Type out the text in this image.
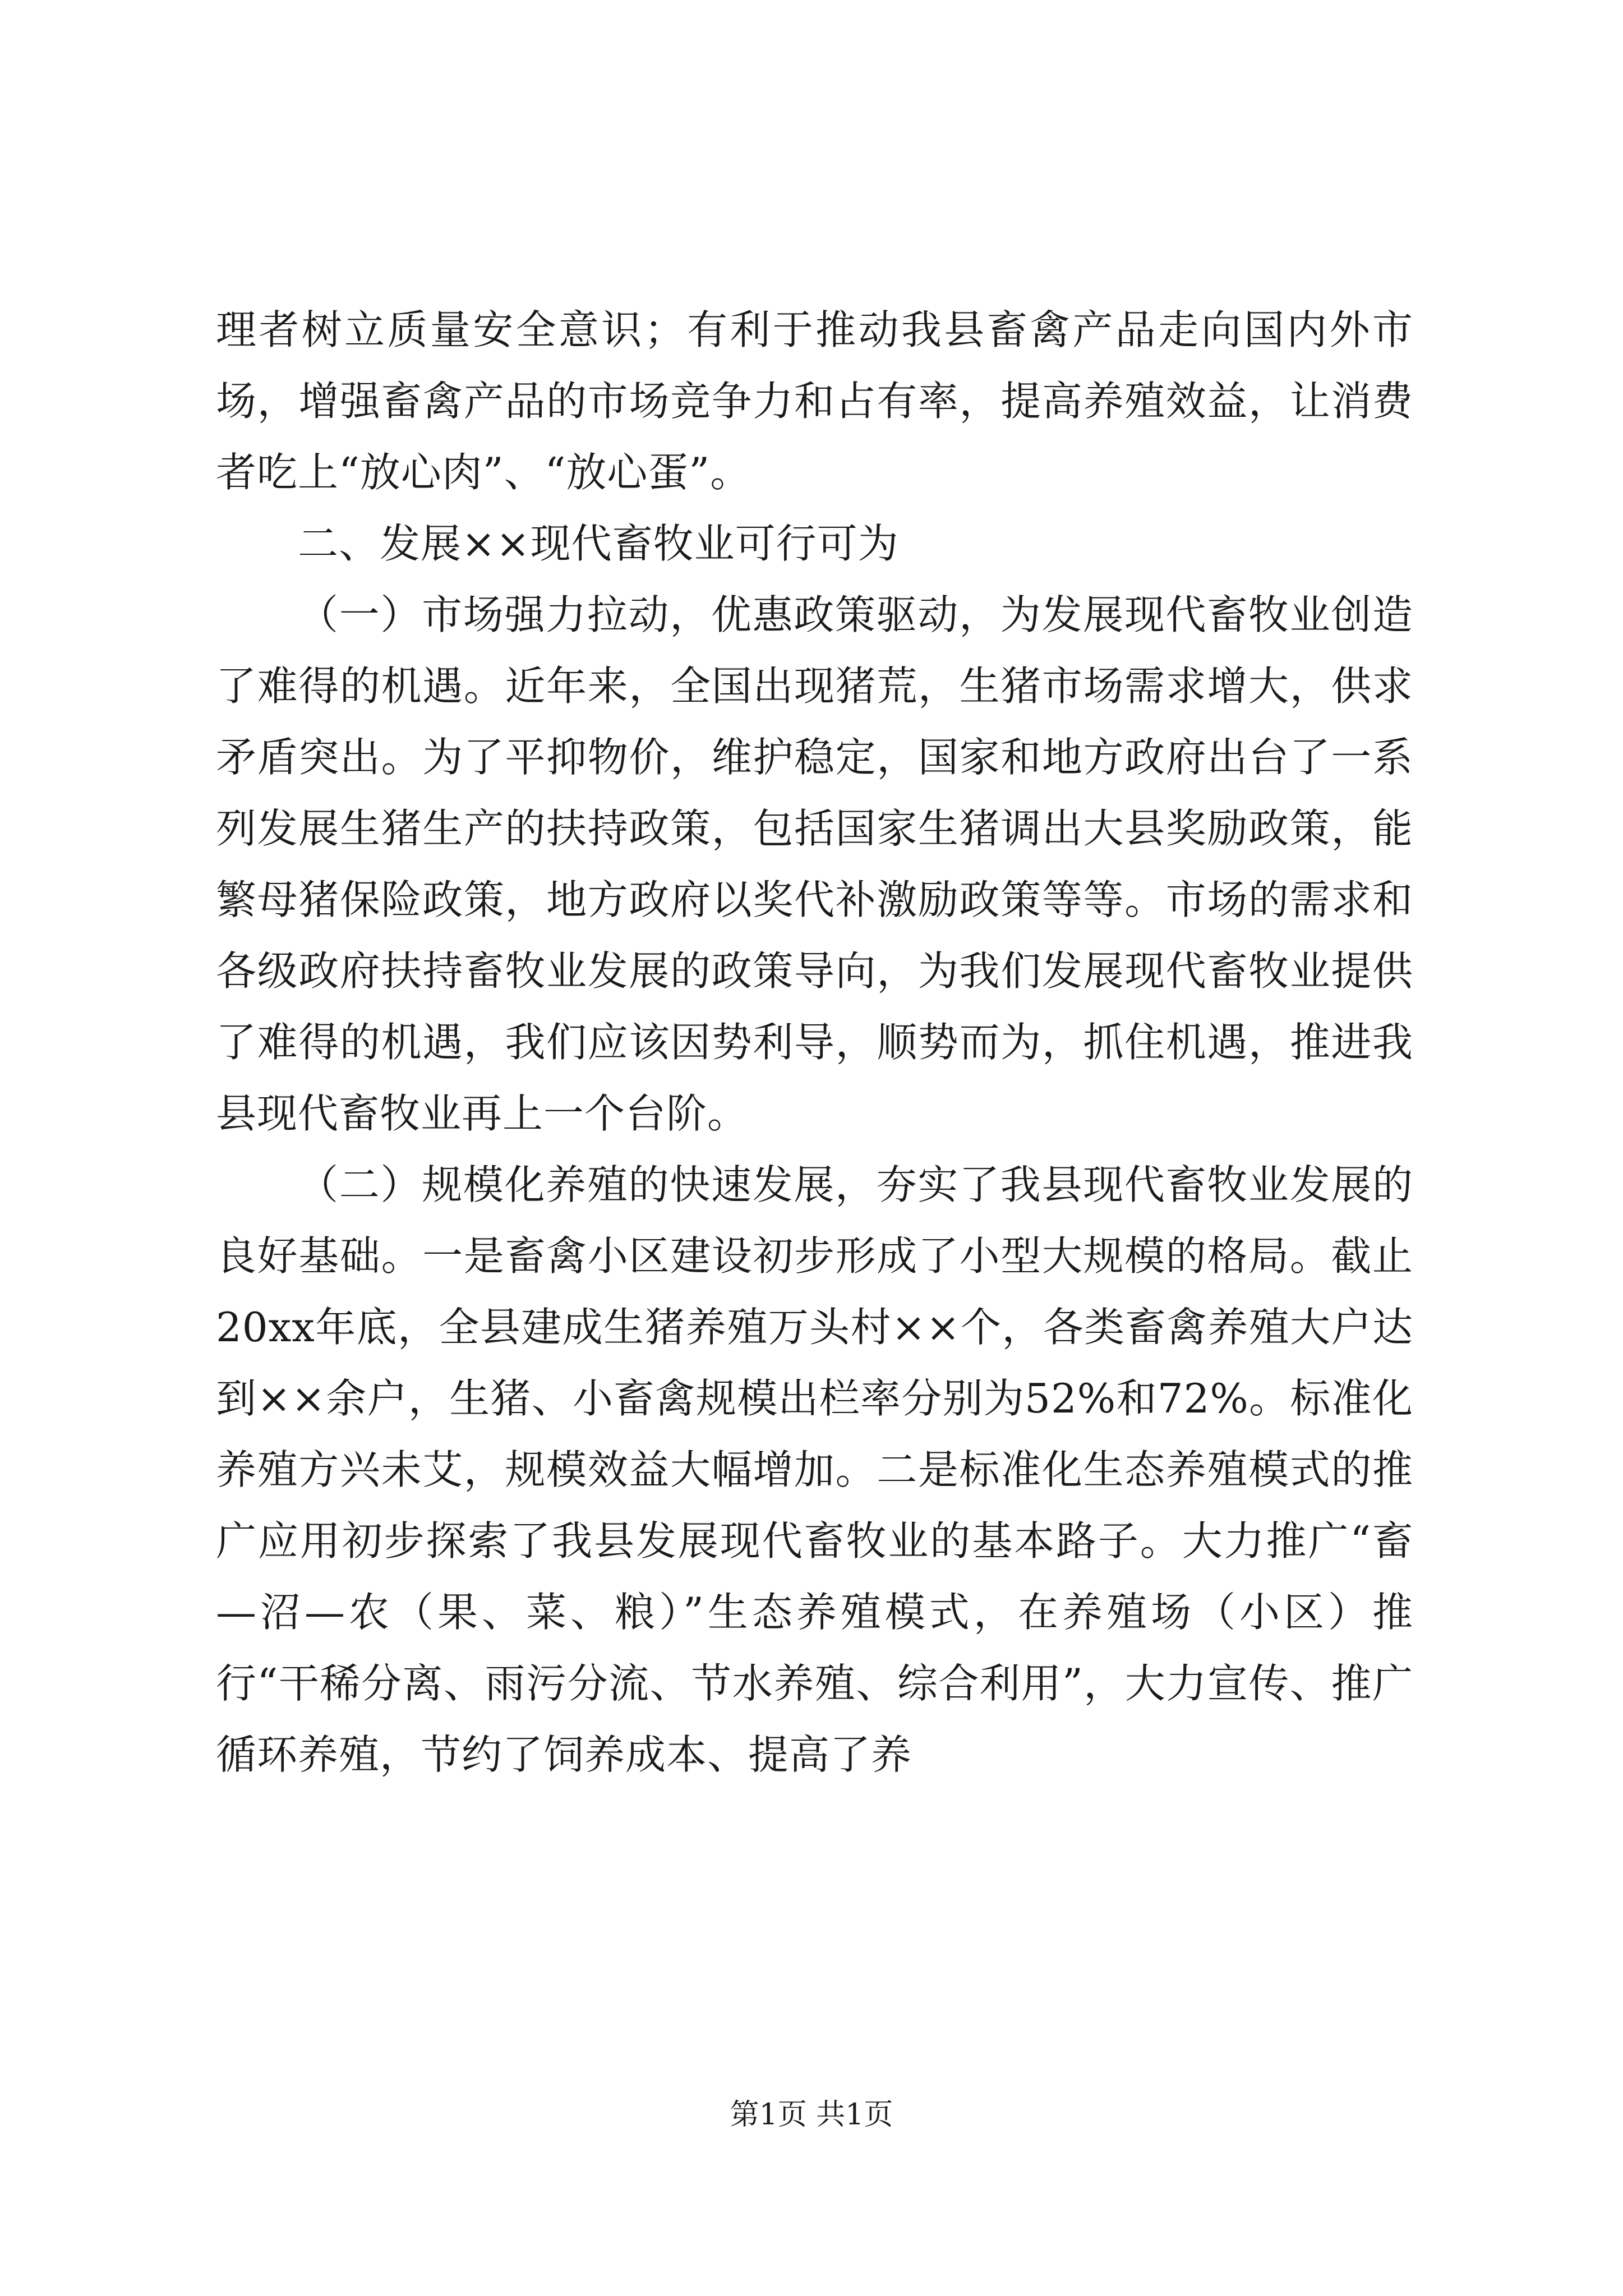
理者树立质量安全意识；有利于推动我县畜禽产品走向国内外市场，增强畜禽产品的市场竞争力和占有率，提高养殖效益，让消费者吃上“放心肉”、“放心蛋”。

二、发展××现代畜牧业可行可为

（一）市场强力拉动，优惠政策驱动，为发展现代畜牧业创造了难得的机遇。近年来，全国出现猪荒，生猪市场需求增大，供求矛盾突出。为了平抑物价，维护稳定，国家和地方政府出台了一系列发展生猪生产的扶持政策，包括国家生猪调出大县奖励政策，能繁母猪保险政策，地方政府以奖代补激励政策等等。市场的需求和各级政府扶持畜牧业发展的政策导向，为我们发展现代畜牧业提供了难得的机遇，我们应该因势利导，顺势而为，抓住机遇，推进我县现代畜牧业再上一个台阶。

（二）规模化养殖的快速发展，夯实了我县现代畜牧业发展的良好基础。一是畜禽小区建设初步形成了小型大规模的格局。截止20xx年底，全县建成生猪养殖万头村××个，各类畜禽养殖大户达到××余户，生猪、小畜禽规模出栏率分别为52%和72%。标准化养殖方兴未艾，规模效益大幅增加。二是标准化生态养殖模式的推广应用初步探索了我县发展现代畜牧业的基本路子。大力推广“畜—沼—农（果、菜、粮）”生态养殖模式，在养殖场（小区）推行“干稀分离、雨污分流、节水养殖、综合利用”，大力宣传、推广循环养殖，节约了饲养成本、提高了养

第1页 共1页
